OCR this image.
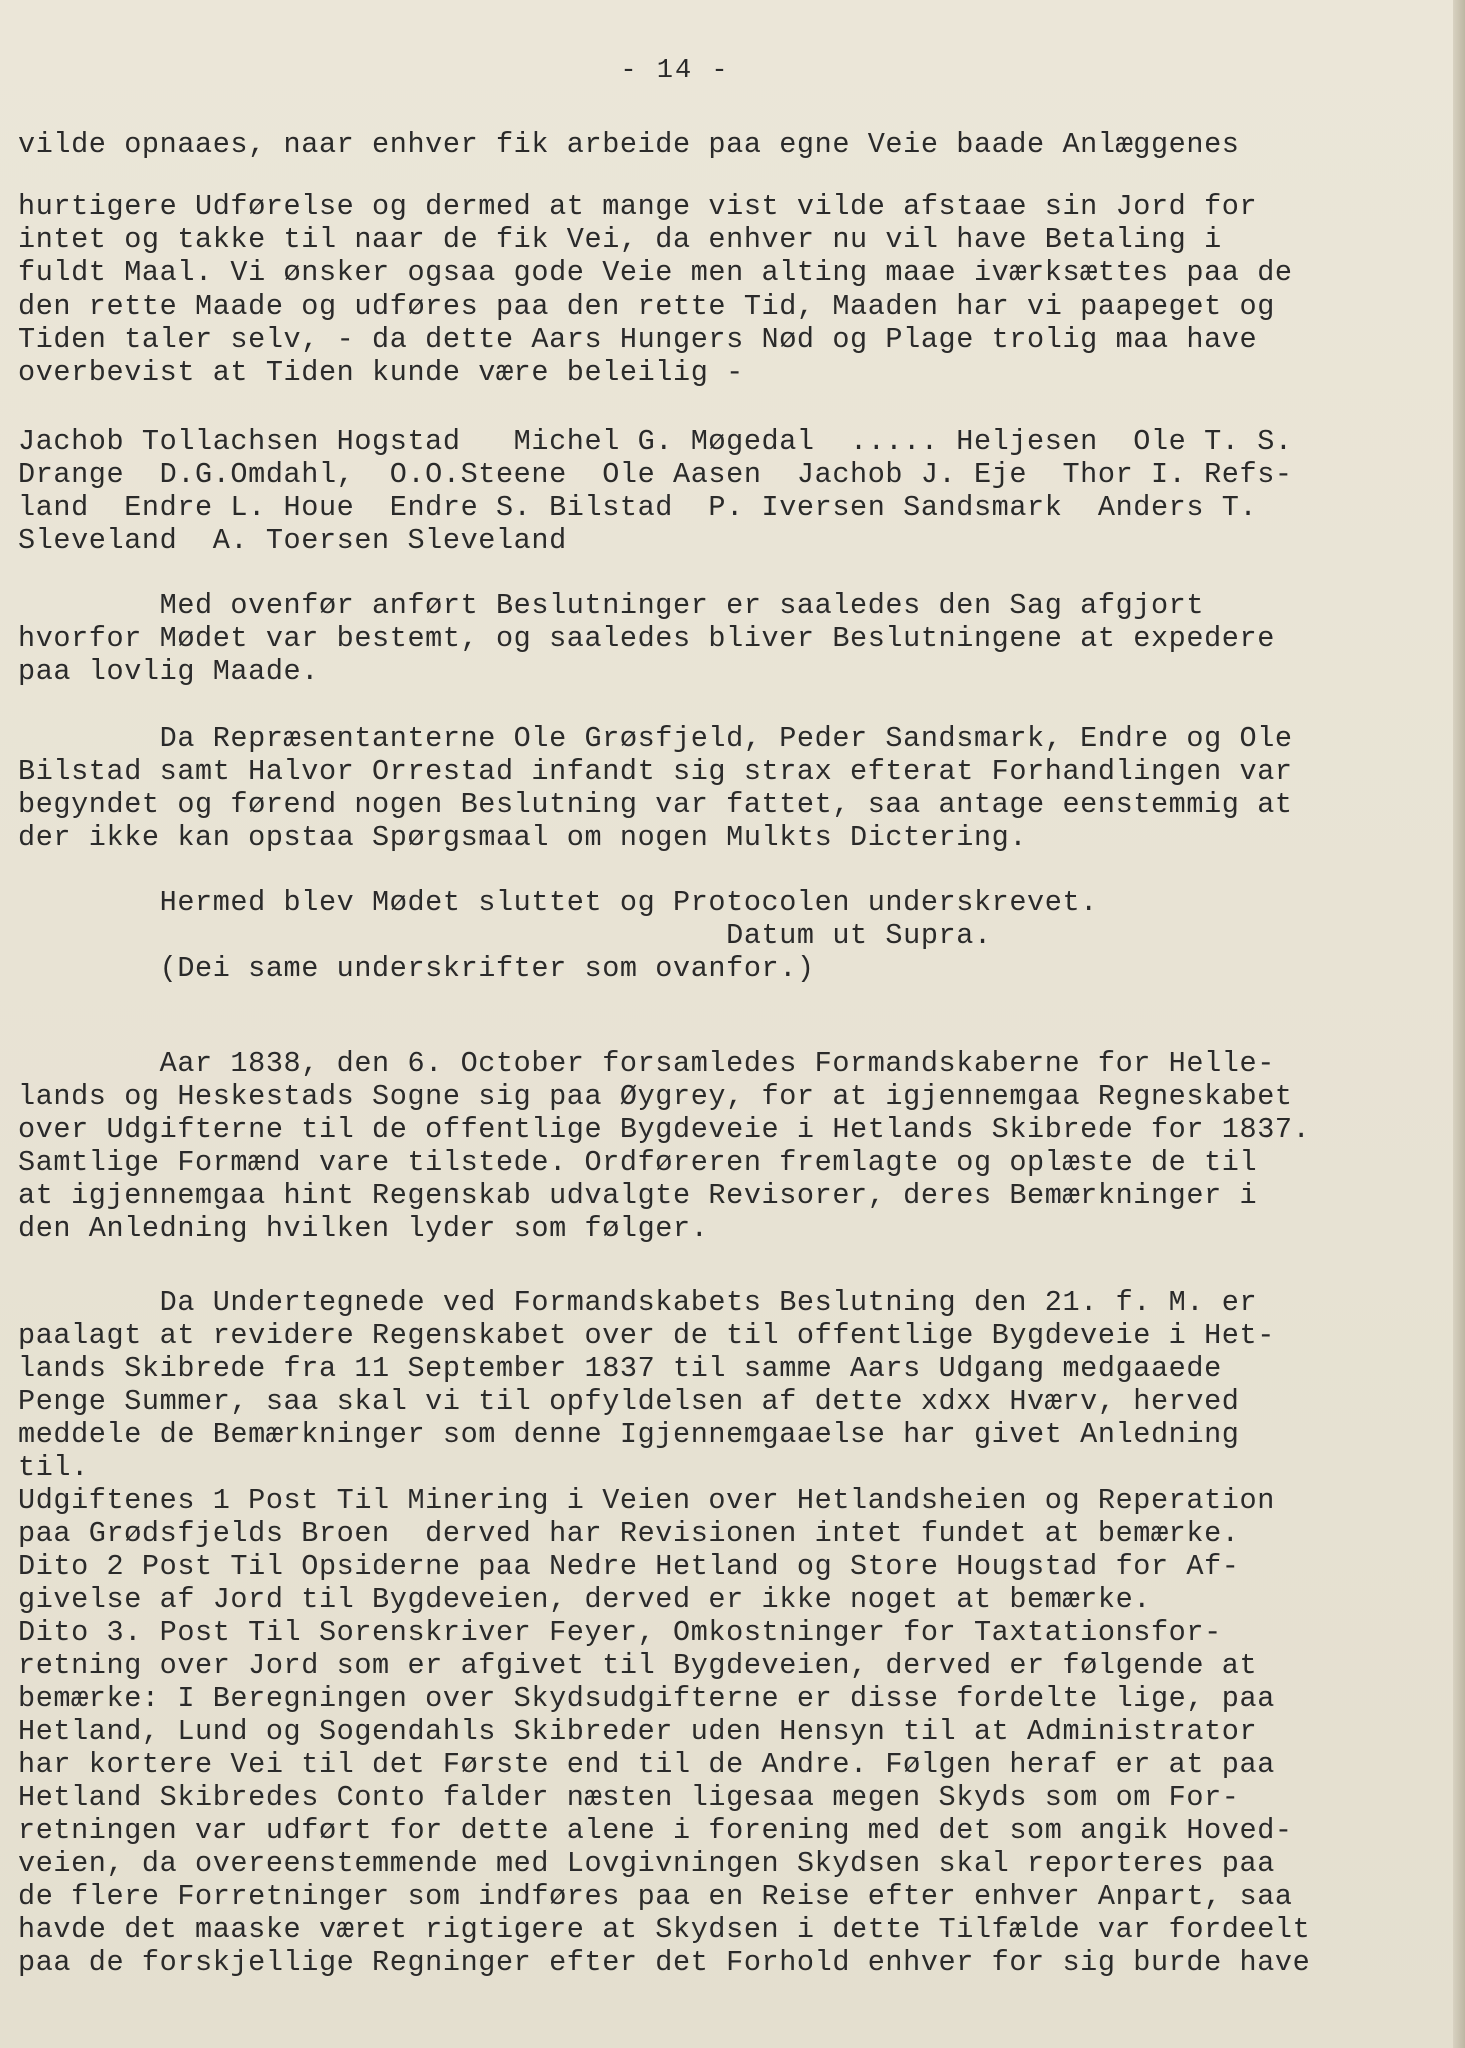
- 14 -
vilde opnaaes, naar enhver fik arbeide paa egne Veie baade Anlæggenes
hurtigere Udførelse og dermed at mange vist vilde afstaae sin Jord for
intet og takke til naar de fik Vei, da enhver nu vil have Betaling i
fuldt Maal. Vi ønsker ogsaa gode Veie men alting maae iværksættes paa de
den rette Maade og udføres paa den rette Tid, Maaden har vi paapeget og
Tiden taler selv, - da dette Aars Hungers Nød og Plage trolig maa have
overbevist at Tiden kunde være beleilig -
Jachob Tollachsen Hogstad   Michel G. Møgedal  ..... Heljesen  Ole T. S.
Drange  D.G.Omdahl,  O.O.Steene  Ole Aasen  Jachob J. Eje  Thor I. Refs-
land  Endre L. Houe  Endre S. Bilstad  P. Iversen Sandsmark  Anders T.
Sleveland  A. Toersen Sleveland
Med ovenfør anført Beslutninger er saaledes den Sag afgjort
hvorfor Mødet var bestemt, og saaledes bliver Beslutningene at expedere
paa lovlig Maade.
Da Repræsentanterne Ole Grøsfjeld, Peder Sandsmark, Endre og Ole
Bilstad samt Halvor Orrestad infandt sig strax efterat Forhandlingen var
begyndet og førend nogen Beslutning var fattet, saa antage eenstemmig at
der ikke kan opstaa Spørgsmaal om nogen Mulkts Dictering.
Hermed blev Mødet sluttet og Protocolen underskrevet.
Datum ut Supra.
(Dei same underskrifter som ovanfor.)
Aar 1838, den 6. October forsamledes Formandskaberne for Helle-
lands og Heskestads Sogne sig paa Øygrey, for at igjennemgaa Regneskabet
over Udgifterne til de offentlige Bygdeveie i Hetlands Skibrede for 1837.
Samtlige Formænd vare tilstede. Ordføreren fremlagte og oplæste de til
at igjennemgaa hint Regenskab udvalgte Revisorer, deres Bemærkninger i
den Anledning hvilken lyder som følger.
Da Undertegnede ved Formandskabets Beslutning den 21. f. M. er
paalagt at revidere Regenskabet over de til offentlige Bygdeveie i Het-
lands Skibrede fra 11 September 1837 til samme Aars Udgang medgaaede
Penge Summer, saa skal vi til opfyldelsen af dette xdxx Hværv, herved
meddele de Bemærkninger som denne Igjennemgaaelse har givet Anledning
til.
Udgiftenes 1 Post Til Minering i Veien over Hetlandsheien og Reperation
paa Grødsfjelds Broen  derved har Revisionen intet fundet at bemærke.
Dito 2 Post Til Opsiderne paa Nedre Hetland og Store Hougstad for Af-
givelse af Jord til Bygdeveien, derved er ikke noget at bemærke.
Dito 3. Post Til Sorenskriver Feyer, Omkostninger for Taxtationsfor-
retning over Jord som er afgivet til Bygdeveien, derved er følgende at
bemærke: I Beregningen over Skydsudgifterne er disse fordelte lige, paa
Hetland, Lund og Sogendahls Skibreder uden Hensyn til at Administrator
har kortere Vei til det Første end til de Andre. Følgen heraf er at paa
Hetland Skibredes Conto falder næsten ligesaa megen Skyds som om For-
retningen var udført for dette alene i forening med det som angik Hoved-
veien, da overeenstemmende med Lovgivningen Skydsen skal reporteres paa
de flere Forretninger som indføres paa en Reise efter enhver Anpart, saa
havde det maaske været rigtigere at Skydsen i dette Tilfælde var fordeelt
paa de forskjellige Regninger efter det Forhold enhver for sig burde have
